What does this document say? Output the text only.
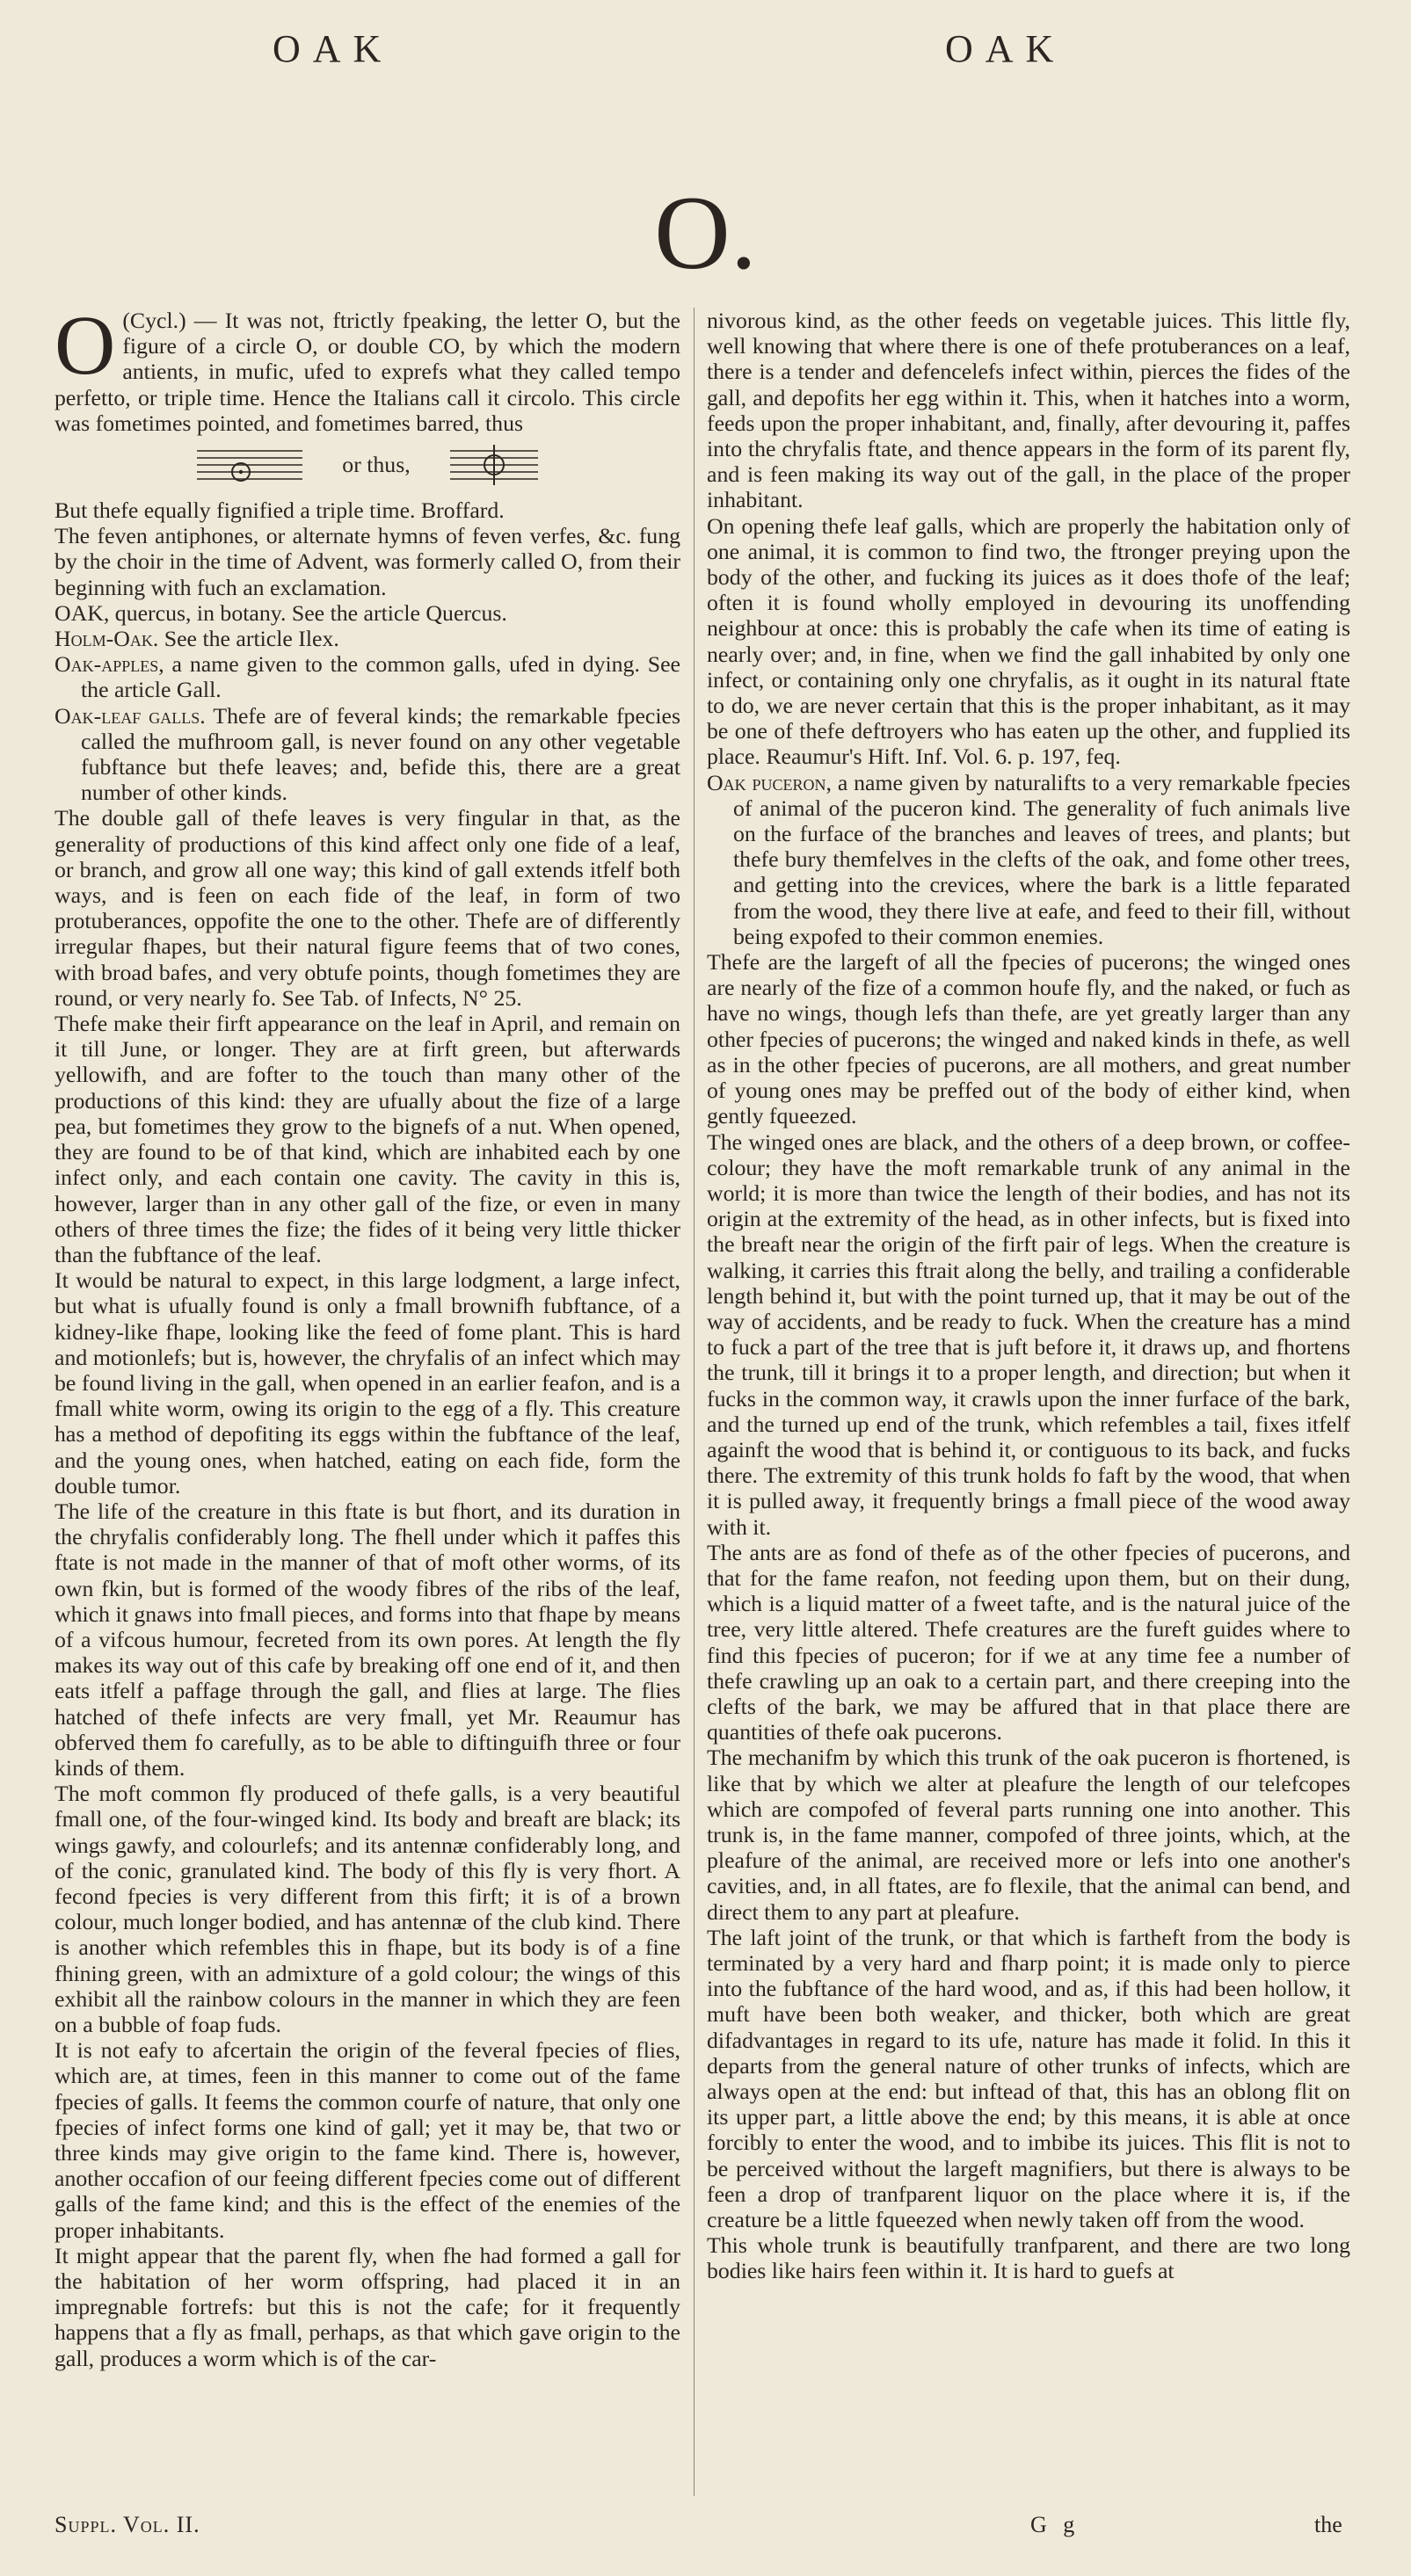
OAK	OAK
O.

O (Cycl.) — It was not, ftrictly fpeaking, the letter O, but the figure of a circle O, or double CO, by which the modern antients, in mufic, ufed to exprefs what they called tempo perfetto, or triple time. Hence the Italians call it circolo. This circle was fometimes pointed, and fometimes barred, thus

or thus,

But thefe equally fignified a triple time. Broffard.

The feven antiphones, or alternate hymns of feven verfes, &c. fung by the choir in the time of Advent, was formerly called O, from their beginning with fuch an exclamation.

OAK, quercus, in botany. See the article Quercus.

Holm-Oak. See the article Ilex.

Oak-apples, a name given to the common galls, ufed in dying. See the article Gall.

Oak-leaf galls. Thefe are of feveral kinds; the remarkable fpecies called the mufhroom gall, is never found on any other vegetable fubftance but thefe leaves; and, befide this, there are a great number of other kinds.

The double gall of thefe leaves is very fingular in that, as the generality of productions of this kind affect only one fide of a leaf, or branch, and grow all one way; this kind of gall extends itfelf both ways, and is feen on each fide of the leaf, in form of two protuberances, oppofite the one to the other. Thefe are of differently irregular fhapes, but their natural figure feems that of two cones, with broad bafes, and very obtufe points, though fometimes they are round, or very nearly fo. See Tab. of Infects, N° 25.

Thefe make their firft appearance on the leaf in April, and remain on it till June, or longer. They are at firft green, but afterwards yellowifh, and are fofter to the touch than many other of the productions of this kind: they are ufually about the fize of a large pea, but fometimes they grow to the bignefs of a nut. When opened, they are found to be of that kind, which are inhabited each by one infect only, and each contain one cavity. The cavity in this is, however, larger than in any other gall of the fize, or even in many others of three times the fize; the fides of it being very little thicker than the fubftance of the leaf.

It would be natural to expect, in this large lodgment, a large infect, but what is ufually found is only a fmall brownifh fubftance, of a kidney-like fhape, looking like the feed of fome plant. This is hard and motionlefs; but is, however, the chryfalis of an infect which may be found living in the gall, when opened in an earlier feafon, and is a fmall white worm, owing its origin to the egg of a fly. This creature has a method of depofiting its eggs within the fubftance of the leaf, and the young ones, when hatched, eating on each fide, form the double tumor.

The life of the creature in this ftate is but fhort, and its duration in the chryfalis confiderably long. The fhell under which it paffes this ftate is not made in the manner of that of moft other worms, of its own fkin, but is formed of the woody fibres of the ribs of the leaf, which it gnaws into fmall pieces, and forms into that fhape by means of a vifcous humour, fecreted from its own pores. At length the fly makes its way out of this cafe by breaking off one end of it, and then eats itfelf a paffage through the gall, and flies at large. The flies hatched of thefe infects are very fmall, yet Mr. Reaumur has obferved them fo carefully, as to be able to diftinguifh three or four kinds of them.

The moft common fly produced of thefe galls, is a very beautiful fmall one, of the four-winged kind. Its body and breaft are black; its wings gawfy, and colourlefs; and its antennæ confiderably long, and of the conic, granulated kind. The body of this fly is very fhort. A fecond fpecies is very different from this firft; it is of a brown colour, much longer bodied, and has antennæ of the club kind. There is another which refembles this in fhape, but its body is of a fine fhining green, with an admixture of a gold colour; the wings of this exhibit all the rainbow colours in the manner in which they are feen on a bubble of foap fuds.

It is not eafy to afcertain the origin of the feveral fpecies of flies, which are, at times, feen in this manner to come out of the fame fpecies of galls. It feems the common courfe of nature, that only one fpecies of infect forms one kind of gall; yet it may be, that two or three kinds may give origin to the fame kind. There is, however, another occafion of our feeing different fpecies come out of different galls of the fame kind; and this is the effect of the enemies of the proper inhabitants.

It might appear that the parent fly, when fhe had formed a gall for the habitation of her worm offspring, had placed it in an impregnable fortrefs: but this is not the cafe; for it frequently happens that a fly as fmall, perhaps, as that which gave origin to the gall, produces a worm which is of the car-

nivorous kind, as the other feeds on vegetable juices. This little fly, well knowing that where there is one of thefe protuberances on a leaf, there is a tender and defencelefs infect within, pierces the fides of the gall, and depofits her egg within it. This, when it hatches into a worm, feeds upon the proper inhabitant, and, finally, after devouring it, paffes into the chryfalis ftate, and thence appears in the form of its parent fly, and is feen making its way out of the gall, in the place of the proper inhabitant.

On opening thefe leaf galls, which are properly the habitation only of one animal, it is common to find two, the ftronger preying upon the body of the other, and fucking its juices as it does thofe of the leaf; often it is found wholly employed in devouring its unoffending neighbour at once: this is probably the cafe when its time of eating is nearly over; and, in fine, when we find the gall inhabited by only one infect, or containing only one chryfalis, as it ought in its natural ftate to do, we are never certain that this is the proper inhabitant, as it may be one of thefe deftroyers who has eaten up the other, and fupplied its place. Reaumur's Hift. Inf. Vol. 6. p. 197, feq.

Oak puceron, a name given by naturalifts to a very remarkable fpecies of animal of the puceron kind. The generality of fuch animals live on the furface of the branches and leaves of trees, and plants; but thefe bury themfelves in the clefts of the oak, and fome other trees, and getting into the crevices, where the bark is a little feparated from the wood, they there live at eafe, and feed to their fill, without being expofed to their common enemies.

Thefe are the largeft of all the fpecies of pucerons; the winged ones are nearly of the fize of a common houfe fly, and the naked, or fuch as have no wings, though lefs than thefe, are yet greatly larger than any other fpecies of pucerons; the winged and naked kinds in thefe, as well as in the other fpecies of pucerons, are all mothers, and great number of young ones may be preffed out of the body of either kind, when gently fqueezed.

The winged ones are black, and the others of a deep brown, or coffee-colour; they have the moft remarkable trunk of any animal in the world; it is more than twice the length of their bodies, and has not its origin at the extremity of the head, as in other infects, but is fixed into the breaft near the origin of the firft pair of legs. When the creature is walking, it carries this ftrait along the belly, and trailing a confiderable length behind it, but with the point turned up, that it may be out of the way of accidents, and be ready to fuck. When the creature has a mind to fuck a part of the tree that is juft before it, it draws up, and fhortens the trunk, till it brings it to a proper length, and direction; but when it fucks in the common way, it crawls upon the inner furface of the bark, and the turned up end of the trunk, which refembles a tail, fixes itfelf againft the wood that is behind it, or contiguous to its back, and fucks there. The extremity of this trunk holds fo faft by the wood, that when it is pulled away, it frequently brings a fmall piece of the wood away with it.

The ants are as fond of thefe as of the other fpecies of pucerons, and that for the fame reafon, not feeding upon them, but on their dung, which is a liquid matter of a fweet tafte, and is the natural juice of the tree, very little altered. Thefe creatures are the fureft guides where to find this fpecies of puceron; for if we at any time fee a number of thefe crawling up an oak to a certain part, and there creeping into the clefts of the bark, we may be affured that in that place there are quantities of thefe oak pucerons.

The mechanifm by which this trunk of the oak puceron is fhortened, is like that by which we alter at pleafure the length of our telefcopes which are compofed of feveral parts running one into another. This trunk is, in the fame manner, compofed of three joints, which, at the pleafure of the animal, are received more or lefs into one another's cavities, and, in all ftates, are fo flexile, that the animal can bend, and direct them to any part at pleafure.

The laft joint of the trunk, or that which is fartheft from the body is terminated by a very hard and fharp point; it is made only to pierce into the fubftance of the hard wood, and as, if this had been hollow, it muft have been both weaker, and thicker, both which are great difadvantages in regard to its ufe, nature has made it folid. In this it departs from the general nature of other trunks of infects, which are always open at the end: but inftead of that, this has an oblong flit on its upper part, a little above the end; by this means, it is able at once forcibly to enter the wood, and to imbibe its juices. This flit is not to be perceived without the largeft magnifiers, but there is always to be feen a drop of tranfparent liquor on the place where it is, if the creature be a little fqueezed when newly taken off from the wood.

This whole trunk is beautifully tranfparent, and there are two long bodies like hairs feen within it. It is hard to guefs at

Suppl. Vol. II.	G g	the
